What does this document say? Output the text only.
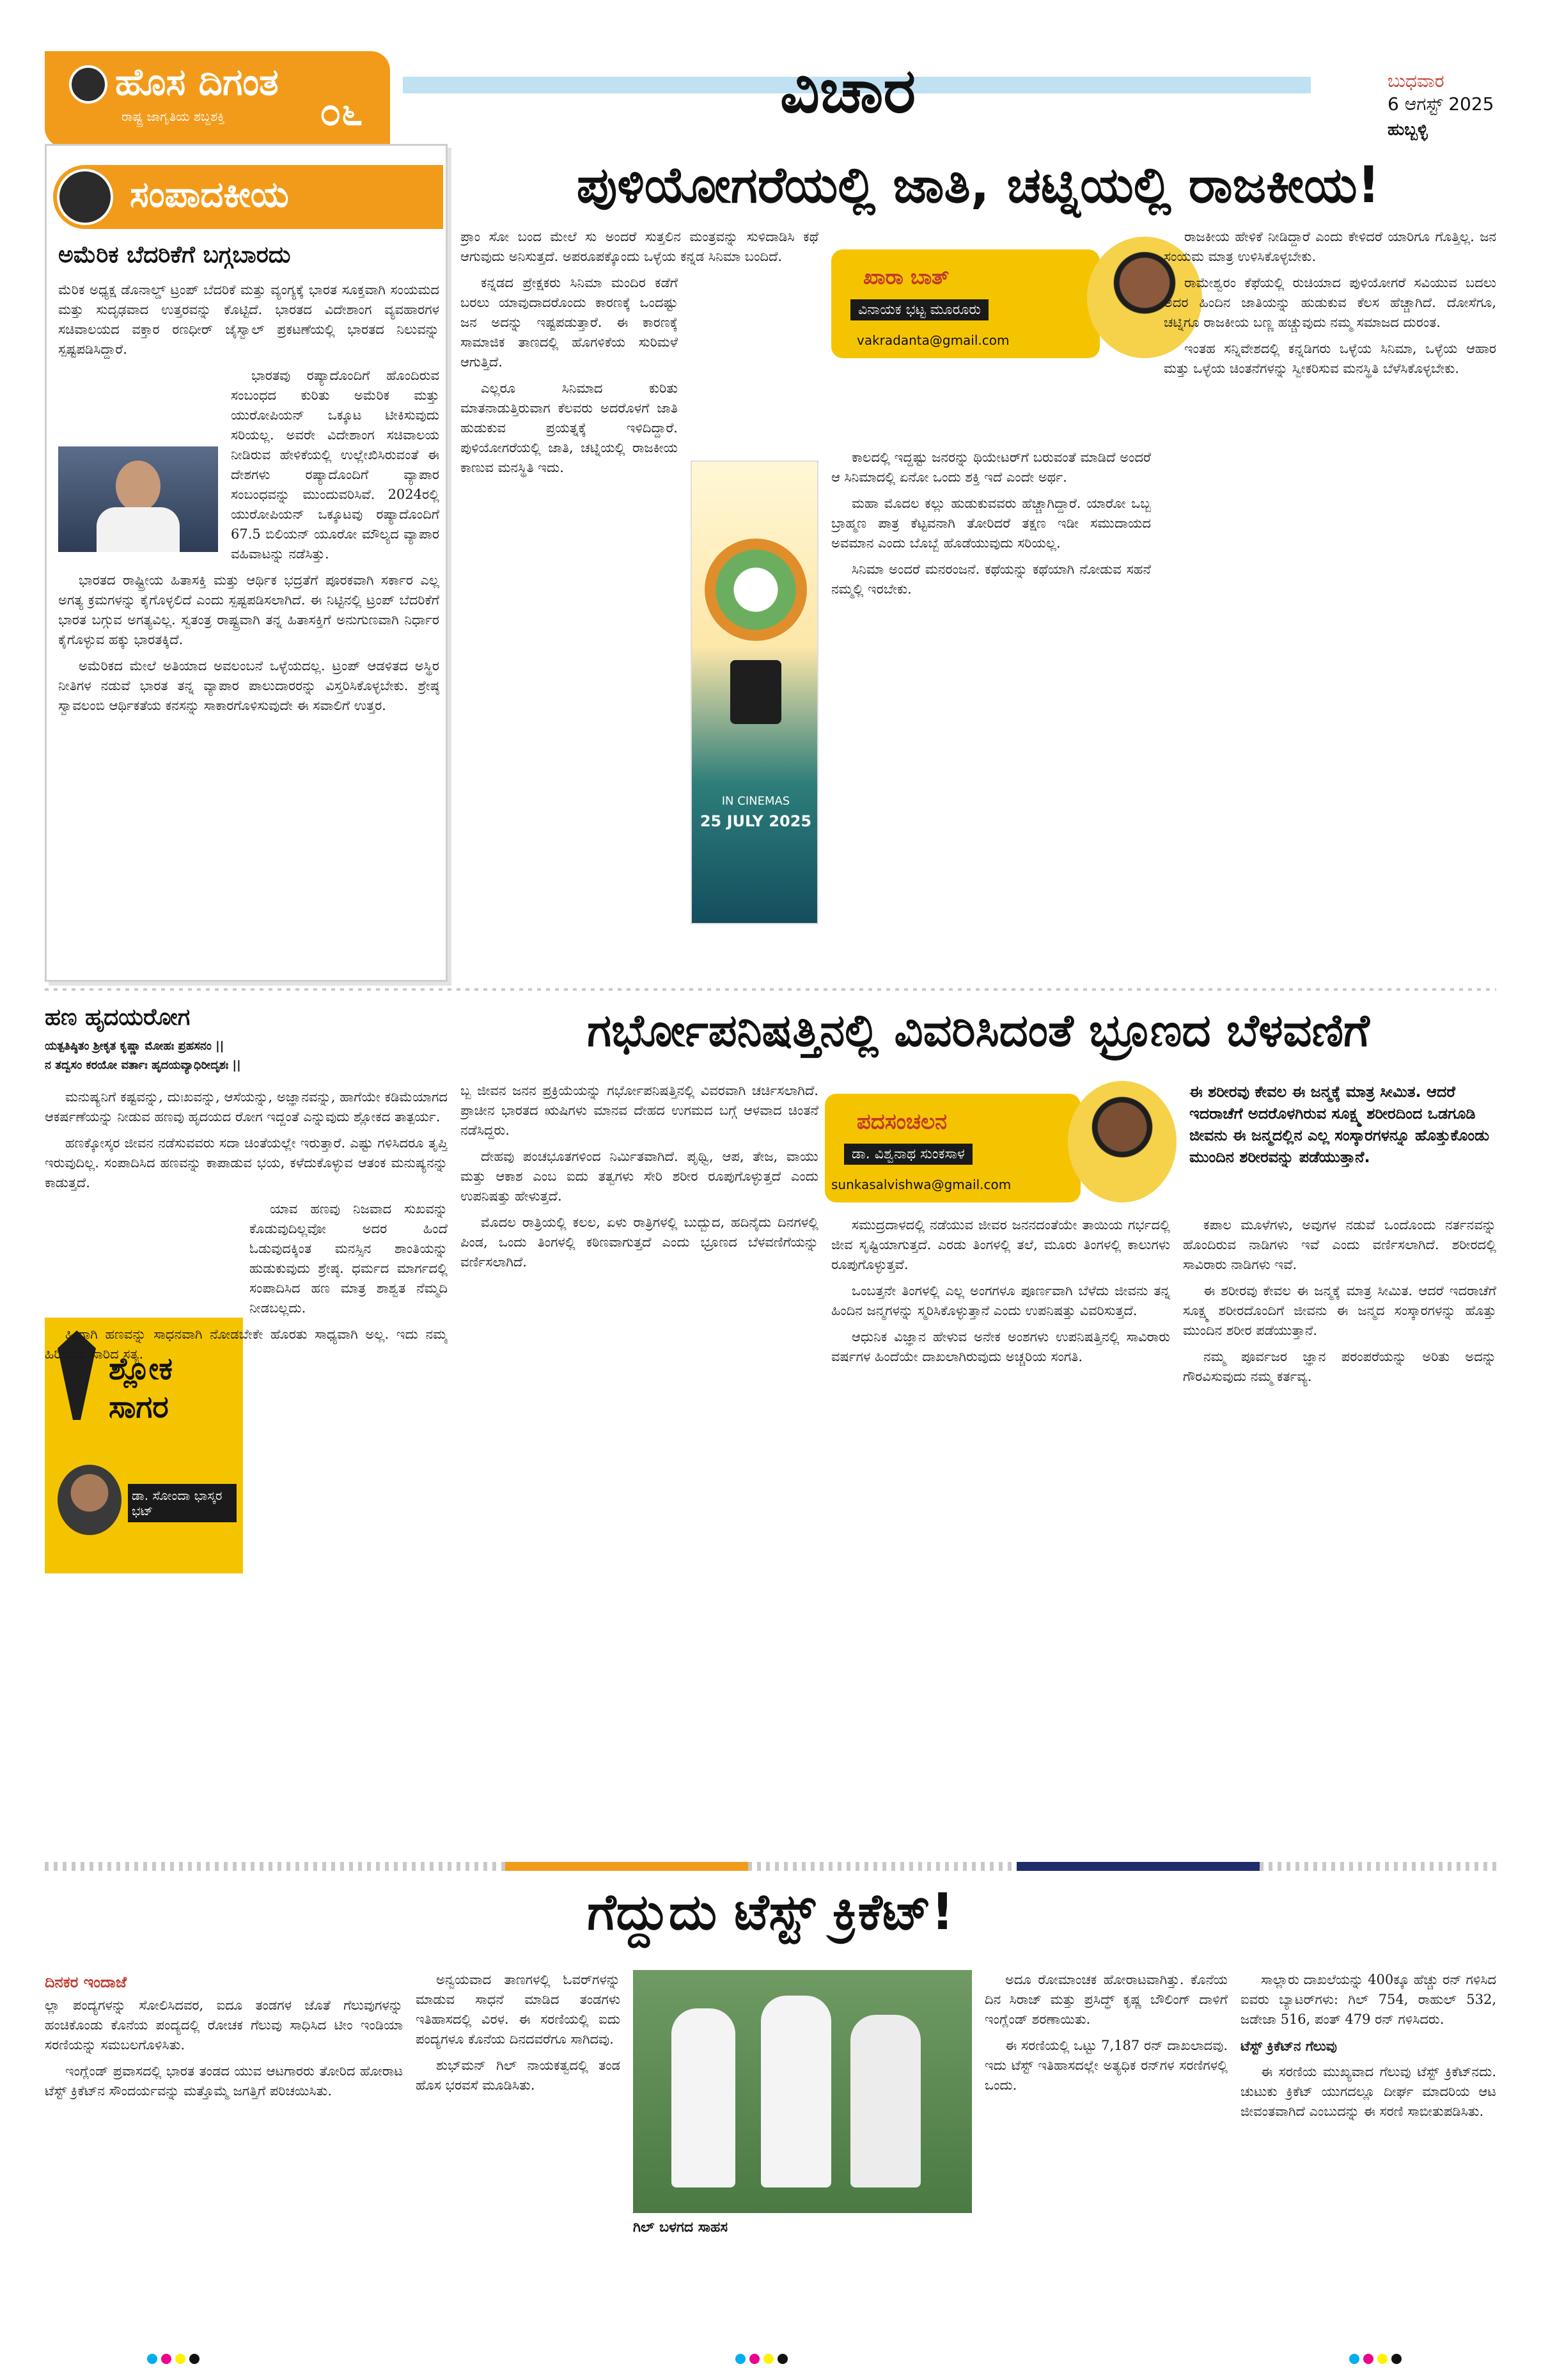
ಹೊಸ ದಿಗಂತ
ರಾಷ್ಟ್ರ ಜಾಗೃತಿಯ ಶಬ್ದಶಕ್ತಿ ೦೬	ವಿಚಾರ	ಬುಧವಾರ
6 ಆಗಸ್ಟ್ 2025
ಹುಬ್ಬಳ್ಳಿ
ಸಂಪಾದಕೀಯ
ಅಮೆರಿಕ ಬೆದರಿಕೆಗೆ ಬಗ್ಗಬಾರದು

ಮೆರಿಕ ಅಧ್ಯಕ್ಷ ಡೊನಾಲ್ಡ್ ಟ್ರಂಪ್ ಬೆದರಿಕೆ ಮತ್ತು ವ್ಯಂಗ್ಯಕ್ಕೆ ಭಾರತ ಸೂಕ್ತವಾಗಿ ಸಂಯಮದ ಮತ್ತು ಸುದೃಢವಾದ ಉತ್ತರವನ್ನು ಕೊಟ್ಟಿದೆ. ಭಾರತದ ವಿದೇಶಾಂಗ ವ್ಯವಹಾರಗಳ ಸಚಿವಾಲಯದ ವಕ್ತಾರ ರಣಧೀರ್ ಜೈಸ್ವಾಲ್ ಪ್ರಕಟಣೆಯಲ್ಲಿ ಭಾರತದ ನಿಲುವನ್ನು ಸ್ಪಷ್ಟಪಡಿಸಿದ್ದಾರೆ.

ಭಾರತವು ರಷ್ಯಾದೊಂದಿಗೆ ಹೊಂದಿರುವ ಸಂಬಂಧದ ಕುರಿತು ಅಮೆರಿಕ ಮತ್ತು ಯುರೋಪಿಯನ್ ಒಕ್ಕೂಟ ಟೀಕಿಸುವುದು ಸರಿಯಲ್ಲ. ಅವರೇ ವಿದೇಶಾಂಗ ಸಚಿವಾಲಯ ನೀಡಿರುವ ಹೇಳಿಕೆಯಲ್ಲಿ ಉಲ್ಲೇಖಿಸಿರುವಂತೆ ಈ ದೇಶಗಳು ರಷ್ಯಾದೊಂದಿಗೆ ವ್ಯಾಪಾರ ಸಂಬಂಧವನ್ನು ಮುಂದುವರಿಸಿವೆ. 2024ರಲ್ಲಿ ಯುರೋಪಿಯನ್ ಒಕ್ಕೂಟವು ರಷ್ಯಾದೊಂದಿಗೆ 67.5 ಬಿಲಿಯನ್ ಯೂರೋ ಮೌಲ್ಯದ ವ್ಯಾಪಾರ ವಹಿವಾಟನ್ನು ನಡೆಸಿತ್ತು.

ಭಾರತದ ರಾಷ್ಟ್ರೀಯ ಹಿತಾಸಕ್ತಿ ಮತ್ತು ಆರ್ಥಿಕ ಭದ್ರತೆಗೆ ಪೂರಕವಾಗಿ ಸರ್ಕಾರ ಎಲ್ಲ ಅಗತ್ಯ ಕ್ರಮಗಳನ್ನು ಕೈಗೊಳ್ಳಲಿದೆ ಎಂದು ಸ್ಪಷ್ಟಪಡಿಸಲಾಗಿದೆ. ಈ ನಿಟ್ಟಿನಲ್ಲಿ ಟ್ರಂಪ್ ಬೆದರಿಕೆಗೆ ಭಾರತ ಬಗ್ಗುವ ಅಗತ್ಯವಿಲ್ಲ. ಸ್ವತಂತ್ರ ರಾಷ್ಟ್ರವಾಗಿ ತನ್ನ ಹಿತಾಸಕ್ತಿಗೆ ಅನುಗುಣವಾಗಿ ನಿರ್ಧಾರ ಕೈಗೊಳ್ಳುವ ಹಕ್ಕು ಭಾರತಕ್ಕಿದೆ.

ಅಮೆರಿಕದ ಮೇಲೆ ಅತಿಯಾದ ಅವಲಂಬನೆ ಒಳ್ಳೆಯದಲ್ಲ. ಟ್ರಂಪ್ ಆಡಳಿತದ ಅಸ್ಥಿರ ನೀತಿಗಳ ನಡುವೆ ಭಾರತ ತನ್ನ ವ್ಯಾಪಾರ ಪಾಲುದಾರರನ್ನು ವಿಸ್ತರಿಸಿಕೊಳ್ಳಬೇಕು. ಶ್ರೇಷ್ಠ ಸ್ವಾವಲಂಬಿ ಆರ್ಥಿಕತೆಯ ಕನಸನ್ನು ಸಾಕಾರಗೊಳಿಸುವುದೇ ಈ ಸವಾಲಿಗೆ ಉತ್ತರ.

ಪುಳಿಯೋಗರೆಯಲ್ಲಿ ಜಾತಿ, ಚಟ್ನಿಯಲ್ಲಿ ರಾಜಕೀಯ!
ಖಾರಾ ಬಾತ್
ವಿನಾಯಕ ಭಟ್ಟ ಮೂರೂರು
vakradanta@gmail.com
IN CINEMAS
25 JULY 2025

ಪ್ರಾಂ ಸೋ ಬಂದ ಮೇಲೆ ಸು ಅಂದರೆ ಸುತ್ತಲಿನ ಮಂತ್ರವನ್ನು ಸುಳಿದಾಡಿಸಿ ಕಥೆ ಆಗುವುದು ಅನಿಸುತ್ತದೆ. ಅಪರೂಪಕ್ಕೊಂದು ಒಳ್ಳೆಯ ಕನ್ನಡ ಸಿನಿಮಾ ಬಂದಿದೆ.

ಕನ್ನಡದ ಪ್ರೇಕ್ಷಕರು ಸಿನಿಮಾ ಮಂದಿರ ಕಡೆಗೆ ಬರಲು ಯಾವುದಾದರೊಂದು ಕಾರಣಕ್ಕೆ ಒಂದಷ್ಟು ಜನ ಅದನ್ನು ಇಷ್ಟಪಡುತ್ತಾರೆ. ಈ ಕಾರಣಕ್ಕೆ ಸಾಮಾಜಿಕ ತಾಣದಲ್ಲಿ ಹೊಗಳಿಕೆಯ ಸುರಿಮಳೆ ಆಗುತ್ತಿದೆ.

ಎಲ್ಲರೂ ಸಿನಿಮಾದ ಕುರಿತು ಮಾತನಾಡುತ್ತಿರುವಾಗ ಕೆಲವರು ಅದರೊಳಗೆ ಜಾತಿ ಹುಡುಕುವ ಪ್ರಯತ್ನಕ್ಕೆ ಇಳಿದಿದ್ದಾರೆ. ಪುಳಿಯೋಗರೆಯಲ್ಲಿ ಜಾತಿ, ಚಟ್ನಿಯಲ್ಲಿ ರಾಜಕೀಯ ಕಾಣುವ ಮನಸ್ಥಿತಿ ಇದು.

ಕಾಲದಲ್ಲಿ ಇದ್ದಷ್ಟು ಜನರನ್ನು ಥಿಯೇಟರ್‌ಗೆ ಬರುವಂತೆ ಮಾಡಿದೆ ಅಂದರೆ ಆ ಸಿನಿಮಾದಲ್ಲಿ ಏನೋ ಒಂದು ಶಕ್ತಿ ಇದೆ ಎಂದೇ ಅರ್ಥ.

ಮಹಾ ಮೊದಲ ಕಲ್ಲು ಹುಡುಕುವವರು ಹೆಚ್ಚಾಗಿದ್ದಾರೆ. ಯಾರೋ ಒಬ್ಬ ಬ್ರಾಹ್ಮಣ ಪಾತ್ರ ಕೆಟ್ಟವನಾಗಿ ತೋರಿದರೆ ತಕ್ಷಣ ಇಡೀ ಸಮುದಾಯದ ಅವಮಾನ ಎಂದು ಬೊಬ್ಬೆ ಹೊಡೆಯುವುದು ಸರಿಯಲ್ಲ.

ಸಿನಿಮಾ ಅಂದರೆ ಮನರಂಜನೆ. ಕಥೆಯನ್ನು ಕಥೆಯಾಗಿ ನೋಡುವ ಸಹನೆ ನಮ್ಮಲ್ಲಿ ಇರಬೇಕು.

ರಾಜಕೀಯ ಹೇಳಿಕೆ ನೀಡಿದ್ದಾರೆ ಎಂದು ಕೇಳಿದರೆ ಯಾರಿಗೂ ಗೊತ್ತಿಲ್ಲ. ಜನ ಸಂಯಮ ಮಾತ್ರ ಉಳಿಸಿಕೊಳ್ಳಬೇಕು.

ರಾಮೇಶ್ವರಂ ಕೆಫೆಯಲ್ಲಿ ರುಚಿಯಾದ ಪುಳಿಯೋಗರೆ ಸವಿಯುವ ಬದಲು ಅದರ ಹಿಂದಿನ ಜಾತಿಯನ್ನು ಹುಡುಕುವ ಕೆಲಸ ಹೆಚ್ಚಾಗಿದೆ. ದೋಸೆಗೂ, ಚಟ್ನಿಗೂ ರಾಜಕೀಯ ಬಣ್ಣ ಹಚ್ಚುವುದು ನಮ್ಮ ಸಮಾಜದ ದುರಂತ.

ಇಂತಹ ಸನ್ನಿವೇಶದಲ್ಲಿ ಕನ್ನಡಿಗರು ಒಳ್ಳೆಯ ಸಿನಿಮಾ, ಒಳ್ಳೆಯ ಆಹಾರ ಮತ್ತು ಒಳ್ಳೆಯ ಚಿಂತನೆಗಳನ್ನು ಸ್ವೀಕರಿಸುವ ಮನಸ್ಥಿತಿ ಬೆಳೆಸಿಕೊಳ್ಳಬೇಕು.

ಹಣ ಹೃದಯರೋಗ
ಯತ್ಪತಿಷ್ಠಿತಂ ಶ್ರೀಕೃತ ಕೃಷ್ಣಾ ಮೋಹಃ ಪ್ರಹಸನಂ ||
ನ ತದ್ವಸಂ ಕರಯೋ ವರ್ತಾಃ ಹೃದಯವ್ಯಾಧಿರೀದೃಶಃ ||
ಶ್ಲೋಕ ಸಾಗರ
ಡಾ. ಸೋಂದಾ ಭಾಸ್ಕರ ಭಟ್

ಮನುಷ್ಯನಿಗೆ ಕಷ್ಟವನ್ನು, ದುಃಖವನ್ನು, ಆಸೆಯನ್ನು, ಅಜ್ಞಾನವನ್ನು, ಹಾಗೆಯೇ ಕಡಿಮೆಯಾಗದ ಆಕರ್ಷಣೆಯನ್ನು ನೀಡುವ ಹಣವು ಹೃದಯದ ರೋಗ ಇದ್ದಂತೆ ಎನ್ನುವುದು ಶ್ಲೋಕದ ತಾತ್ಪರ್ಯ.

ಹಣಕ್ಕೋಸ್ಕರ ಜೀವನ ನಡೆಸುವವರು ಸದಾ ಚಿಂತೆಯಲ್ಲೇ ಇರುತ್ತಾರೆ. ಎಷ್ಟು ಗಳಿಸಿದರೂ ತೃಪ್ತಿ ಇರುವುದಿಲ್ಲ. ಸಂಪಾದಿಸಿದ ಹಣವನ್ನು ಕಾಪಾಡುವ ಭಯ, ಕಳೆದುಕೊಳ್ಳುವ ಆತಂಕ ಮನುಷ್ಯನನ್ನು ಕಾಡುತ್ತದೆ.

ಯಾವ ಹಣವು ನಿಜವಾದ ಸುಖವನ್ನು ಕೊಡುವುದಿಲ್ಲವೋ ಅದರ ಹಿಂದೆ ಓಡುವುದಕ್ಕಿಂತ ಮನಸ್ಸಿನ ಶಾಂತಿಯನ್ನು ಹುಡುಕುವುದು ಶ್ರೇಷ್ಠ. ಧರ್ಮದ ಮಾರ್ಗದಲ್ಲಿ ಸಂಪಾದಿಸಿದ ಹಣ ಮಾತ್ರ ಶಾಶ್ವತ ನೆಮ್ಮದಿ ನೀಡಬಲ್ಲದು.

ಹೀಗಾಗಿ ಹಣವನ್ನು ಸಾಧನವಾಗಿ ನೋಡಬೇಕೇ ಹೊರತು ಸಾಧ್ಯವಾಗಿ ಅಲ್ಲ. ಇದು ನಮ್ಮ ಹಿರಿಯರು ಸಾರಿದ ಸತ್ಯ.

ಗರ್ಭೋಪನಿಷತ್ತಿನಲ್ಲಿ ವಿವರಿಸಿದಂತೆ ಭ್ರೂಣದ ಬೆಳವಣಿಗೆ
ಪದಸಂಚಲನ
ಡಾ. ವಿಶ್ವನಾಥ ಸುಂಕಸಾಳ
sunkasalvishwa@gmail.com
ಈ ಶರೀರವು ಕೇವಲ ಈ ಜನ್ಮಕ್ಕೆ ಮಾತ್ರ ಸೀಮಿತ. ಆದರೆ ಇದರಾಚೆಗೆ ಅದರೊಳಗಿರುವ ಸೂಕ್ಷ್ಮ ಶರೀರದಿಂದ ಒಡಗೂಡಿ ಜೀವನು ಈ ಜನ್ಮದಲ್ಲಿನ ಎಲ್ಲ ಸಂಸ್ಕಾರಗಳನ್ನೂ ಹೊತ್ತುಕೊಂಡು ಮುಂದಿನ ಶರೀರವನ್ನು ಪಡೆಯುತ್ತಾನೆ.

ಬ್ಬ ಜೀವನ ಜನನ ಪ್ರಕ್ರಿಯೆಯನ್ನು ಗರ್ಭೋಪನಿಷತ್ತಿನಲ್ಲಿ ವಿವರವಾಗಿ ಚರ್ಚಿಸಲಾಗಿದೆ. ಪ್ರಾಚೀನ ಭಾರತದ ಋಷಿಗಳು ಮಾನವ ದೇಹದ ಉಗಮದ ಬಗ್ಗೆ ಆಳವಾದ ಚಿಂತನೆ ನಡೆಸಿದ್ದರು.

ದೇಹವು ಪಂಚಭೂತಗಳಿಂದ ನಿರ್ಮಿತವಾಗಿದೆ. ಪೃಥ್ವಿ, ಆಪ, ತೇಜ, ವಾಯು ಮತ್ತು ಆಕಾಶ ಎಂಬ ಐದು ತತ್ವಗಳು ಸೇರಿ ಶರೀರ ರೂಪುಗೊಳ್ಳುತ್ತದೆ ಎಂದು ಉಪನಿಷತ್ತು ಹೇಳುತ್ತದೆ.

ಮೊದಲ ರಾತ್ರಿಯಲ್ಲಿ ಕಲಲ, ಏಳು ರಾತ್ರಿಗಳಲ್ಲಿ ಬುದ್ಬುದ, ಹದಿನೈದು ದಿನಗಳಲ್ಲಿ ಪಿಂಡ, ಒಂದು ತಿಂಗಳಲ್ಲಿ ಕಠಿಣವಾಗುತ್ತದೆ ಎಂದು ಭ್ರೂಣದ ಬೆಳವಣಿಗೆಯನ್ನು ವರ್ಣಿಸಲಾಗಿದೆ.

ಸಮುದ್ರದಾಳದಲ್ಲಿ ನಡೆಯುವ ಜೀವರ ಜನನದಂತೆಯೇ ತಾಯಿಯ ಗರ್ಭದಲ್ಲಿ ಜೀವ ಸೃಷ್ಟಿಯಾಗುತ್ತದೆ. ಎರಡು ತಿಂಗಳಲ್ಲಿ ತಲೆ, ಮೂರು ತಿಂಗಳಲ್ಲಿ ಕಾಲುಗಳು ರೂಪುಗೊಳ್ಳುತ್ತವೆ.

ಒಂಬತ್ತನೇ ತಿಂಗಳಲ್ಲಿ ಎಲ್ಲ ಅಂಗಗಳೂ ಪೂರ್ಣವಾಗಿ ಬೆಳೆದು ಜೀವನು ತನ್ನ ಹಿಂದಿನ ಜನ್ಮಗಳನ್ನು ಸ್ಮರಿಸಿಕೊಳ್ಳುತ್ತಾನೆ ಎಂದು ಉಪನಿಷತ್ತು ವಿವರಿಸುತ್ತದೆ.

ಆಧುನಿಕ ವಿಜ್ಞಾನ ಹೇಳುವ ಅನೇಕ ಅಂಶಗಳು ಉಪನಿಷತ್ತಿನಲ್ಲಿ ಸಾವಿರಾರು ವರ್ಷಗಳ ಹಿಂದೆಯೇ ದಾಖಲಾಗಿರುವುದು ಅಚ್ಚರಿಯ ಸಂಗತಿ.

ಕಪಾಲ ಮೂಳೆಗಳು, ಅವುಗಳ ನಡುವೆ ಒಂದೊಂದು ನರ್ತನವನ್ನು ಹೊಂದಿರುವ ನಾಡಿಗಳು ಇವೆ ಎಂದು ವರ್ಣಿಸಲಾಗಿದೆ. ಶರೀರದಲ್ಲಿ ಸಾವಿರಾರು ನಾಡಿಗಳು ಇವೆ.

ಈ ಶರೀರವು ಕೇವಲ ಈ ಜನ್ಮಕ್ಕೆ ಮಾತ್ರ ಸೀಮಿತ. ಆದರೆ ಇದರಾಚೆಗೆ ಸೂಕ್ಷ್ಮ ಶರೀರದೊಂದಿಗೆ ಜೀವನು ಈ ಜನ್ಮದ ಸಂಸ್ಕಾರಗಳನ್ನು ಹೊತ್ತು ಮುಂದಿನ ಶರೀರ ಪಡೆಯುತ್ತಾನೆ.

ನಮ್ಮ ಪೂರ್ವಜರ ಜ್ಞಾನ ಪರಂಪರೆಯನ್ನು ಅರಿತು ಅದನ್ನು ಗೌರವಿಸುವುದು ನಮ್ಮ ಕರ್ತವ್ಯ.

ಗೆದ್ದುದು ಟೆಸ್ಟ್ ಕ್ರಿಕೆಟ್!
ದಿನಕರ ಇಂದಾಜೆ

ಲ್ಲಾ ಪಂದ್ಯಗಳನ್ನು ಸೋಲಿಸಿದವರ, ಐದೂ ತಂಡಗಳ ಜೊತೆ ಗೆಲುವುಗಳನ್ನು ಹಂಚಿಕೊಂಡು ಕೊನೆಯ ಪಂದ್ಯದಲ್ಲಿ ರೋಚಕ ಗೆಲುವು ಸಾಧಿಸಿದ ಟೀಂ ಇಂಡಿಯಾ ಸರಣಿಯನ್ನು ಸಮಬಲಗೊಳಿಸಿತು.

ಇಂಗ್ಲೆಂಡ್ ಪ್ರವಾಸದಲ್ಲಿ ಭಾರತ ತಂಡದ ಯುವ ಆಟಗಾರರು ತೋರಿದ ಹೋರಾಟ ಟೆಸ್ಟ್ ಕ್ರಿಕೆಟ್‌ನ ಸೌಂದರ್ಯವನ್ನು ಮತ್ತೊಮ್ಮೆ ಜಗತ್ತಿಗೆ ಪರಿಚಯಿಸಿತು.

ಅನ್ವಯವಾದ ತಾಣಗಳಲ್ಲಿ ಓವರ್‌ಗಳನ್ನು ಮಾಡುವ ಸಾಧನೆ ಮಾಡಿದ ತಂಡಗಳು ಇತಿಹಾಸದಲ್ಲಿ ವಿರಳ. ಈ ಸರಣಿಯಲ್ಲಿ ಐದು ಪಂದ್ಯಗಳೂ ಕೊನೆಯ ದಿನದವರೆಗೂ ಸಾಗಿದವು.

ಶುಭ್‌ಮನ್ ಗಿಲ್ ನಾಯಕತ್ವದಲ್ಲಿ ತಂಡ ಹೊಸ ಭರವಸೆ ಮೂಡಿಸಿತು.

ಗಿಲ್ ಬಳಗದ ಸಾಹಸ

ಅದೂ ರೋಮಾಂಚಕ ಹೋರಾಟವಾಗಿತ್ತು. ಕೊನೆಯ ದಿನ ಸಿರಾಜ್ ಮತ್ತು ಪ್ರಸಿದ್ಧ್ ಕೃಷ್ಣ ಬೌಲಿಂಗ್ ದಾಳಿಗೆ ಇಂಗ್ಲೆಂಡ್ ಶರಣಾಯಿತು.

ಈ ಸರಣಿಯಲ್ಲಿ ಒಟ್ಟು 7,187 ರನ್ ದಾಖಲಾದವು. ಇದು ಟೆಸ್ಟ್ ಇತಿಹಾಸದಲ್ಲೇ ಅತ್ಯಧಿಕ ರನ್‌ಗಳ ಸರಣಿಗಳಲ್ಲಿ ಒಂದು.

ಸಾಲ್ಲಾರು ದಾಖಲೆಯನ್ನು 400ಕ್ಕೂ ಹೆಚ್ಚು ರನ್ ಗಳಿಸಿದ ಐವರು ಬ್ಯಾಟರ್‌ಗಳು: ಗಿಲ್ 754, ರಾಹುಲ್ 532, ಜಡೇಜಾ 516, ಪಂತ್ 479 ರನ್ ಗಳಿಸಿದರು.

ಟೆಸ್ಟ್ ಕ್ರಿಕೆಟ್‌ನ ಗೆಲುವು

ಈ ಸರಣಿಯ ಮುಖ್ಯವಾದ ಗೆಲುವು ಟೆಸ್ಟ್ ಕ್ರಿಕೆಟ್‌ನದು. ಚುಟುಕು ಕ್ರಿಕೆಟ್ ಯುಗದಲ್ಲೂ ದೀರ್ಘ ಮಾದರಿಯ ಆಟ ಜೀವಂತವಾಗಿದೆ ಎಂಬುದನ್ನು ಈ ಸರಣಿ ಸಾಬೀತುಪಡಿಸಿತು.
